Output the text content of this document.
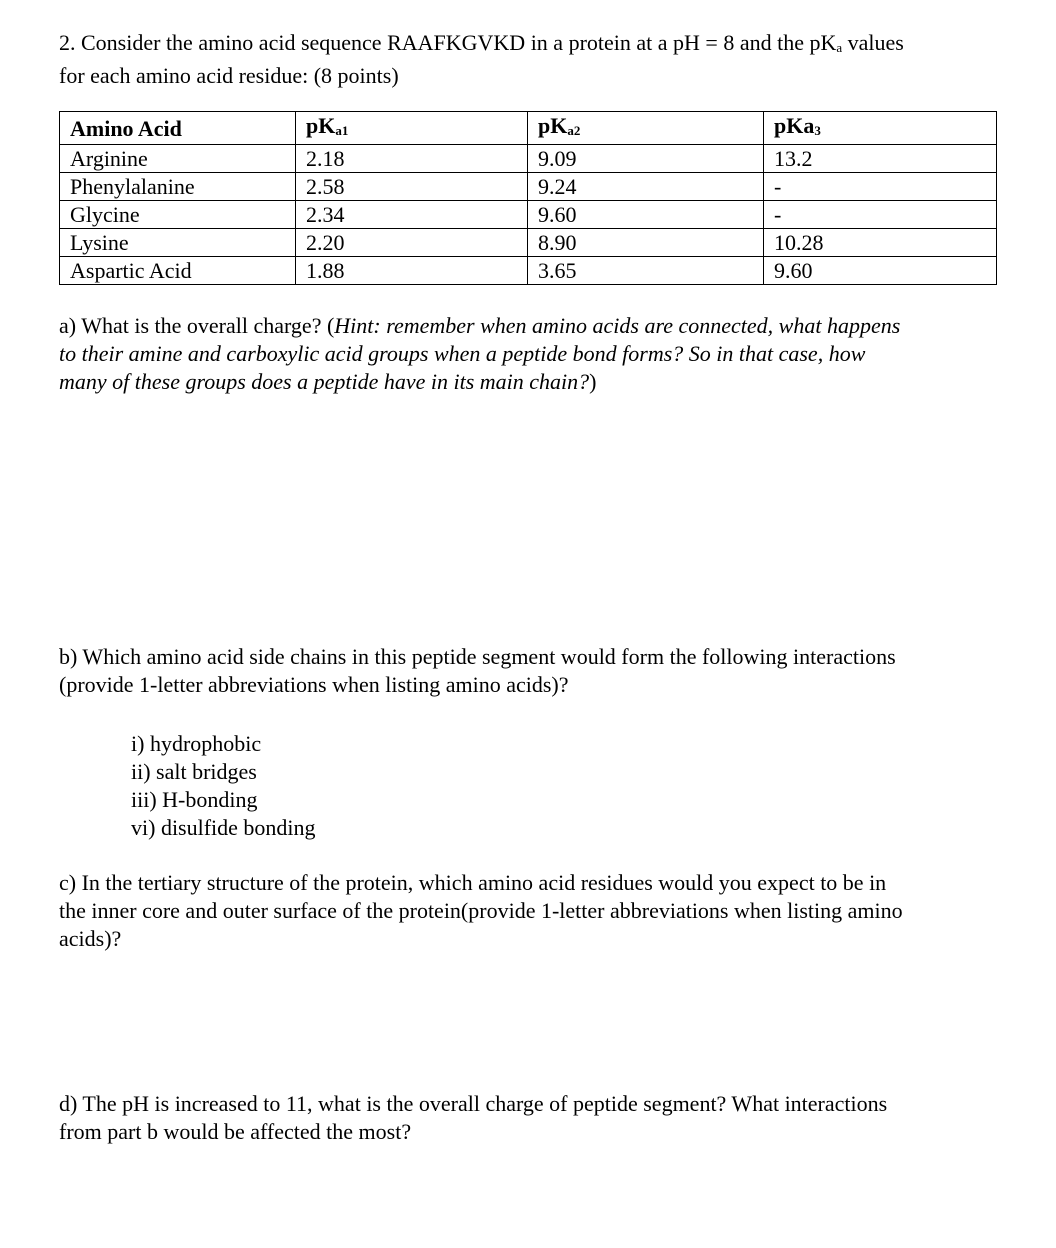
2. Consider the amino acid sequence RAAFKGVKD in a protein at a pH = 8 and the pKa values
for each amino acid residue: (8 points)
Amino Acid	pKa1	pKa2	pKa3
Arginine	2.18	9.09	13.2
Phenylalanine	2.58	9.24	-
Glycine	2.34	9.60	-
Lysine	2.20	8.90	10.28
Aspartic Acid	1.88	3.65	9.60
a) What is the overall charge? (Hint: remember when amino acids are connected, what happens
to their amine and carboxylic acid groups when a peptide bond forms? So in that case, how
many of these groups does a peptide have in its main chain?)
b) Which amino acid side chains in this peptide segment would form the following interactions
(provide 1-letter abbreviations when listing amino acids)?
i) hydrophobic
ii) salt bridges
iii) H-bonding
vi) disulfide bonding
c) In the tertiary structure of the protein, which amino acid residues would you expect to be in
the inner core and outer surface of the protein(provide 1-letter abbreviations when listing amino
acids)?
d) The pH is increased to 11, what is the overall charge of peptide segment? What interactions
from part b would be affected the most?
